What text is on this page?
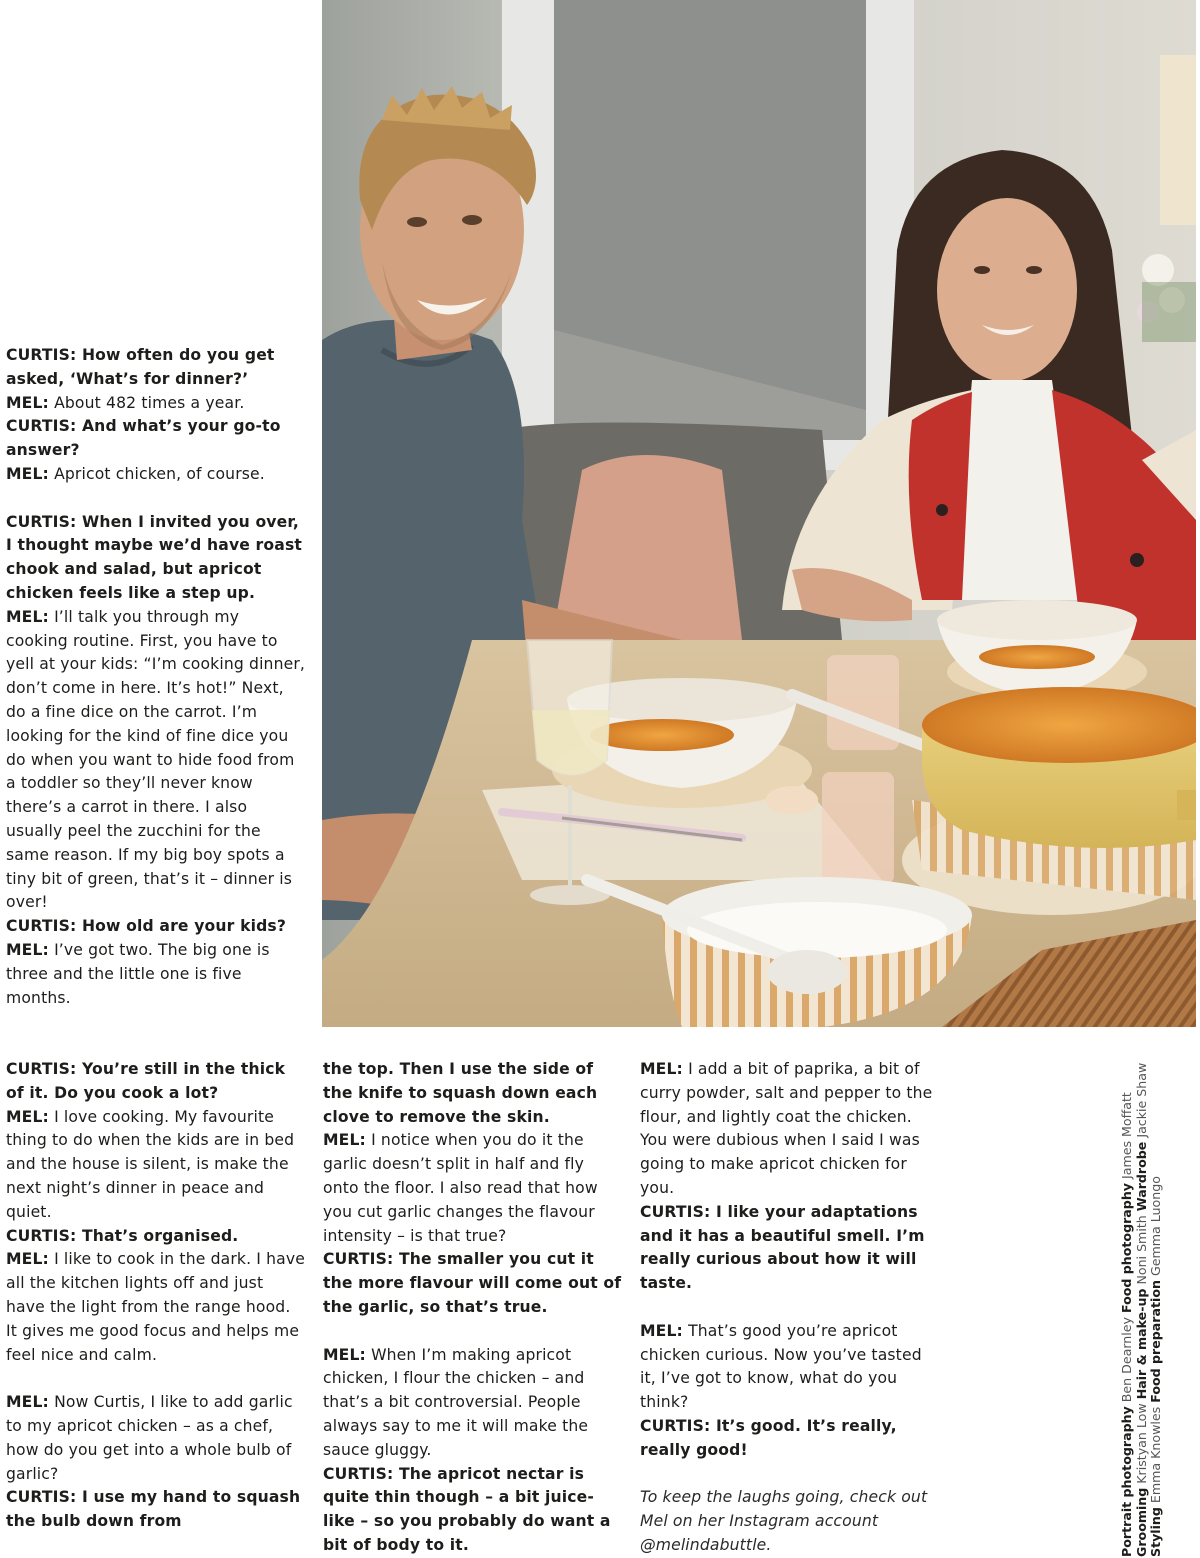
CURTIS: How often do you get asked, ‘What’s for dinner?’

MEL: About 482 times a year.

CURTIS: And what’s your go-to answer?

MEL: Apricot chicken, of course.

CURTIS: When I invited you over, I thought maybe we’d have roast chook and salad, but apricot chicken feels like a step up.

MEL: I’ll talk you through my cooking routine. First, you have to yell at your kids: “I’m cooking dinner, don’t come in here. It’s hot!” Next, do a fine dice on the carrot. I’m looking for the kind of fine dice you do when you want to hide food from a toddler so they’ll never know there’s a carrot in there. I also usually peel the zucchini for the same reason. If my big boy spots a tiny bit of green, that’s it – dinner is over!

CURTIS: How old are your kids?

MEL: I’ve got two. The big one is three and the little one is five months.

CURTIS: You’re still in the thick of it. Do you cook a lot?

MEL: I love cooking. My favourite thing to do when the kids are in bed and the house is silent, is make the next night’s dinner in peace and quiet.

CURTIS: That’s organised.

MEL: I like to cook in the dark. I have all the kitchen lights off and just have the light from the range hood. It gives me good focus and helps me feel nice and calm.

MEL: Now Curtis, I like to add garlic to my apricot chicken – as a chef, how do you get into a whole bulb of garlic?

CURTIS: I use my hand to squash the bulb down from

the top. Then I use the side of the knife to squash down each clove to remove the skin.

MEL: I notice when you do it the garlic doesn’t split in half and fly onto the floor. I also read that how you cut garlic changes the flavour intensity – is that true?

CURTIS: The smaller you cut it the more flavour will come out of the garlic, so that’s true.

MEL: When I’m making apricot chicken, I flour the chicken – and that’s a bit controversial. People always say to me it will make the sauce gluggy.

CURTIS: The apricot nectar is quite thin though – a bit juice-like – so you probably do want a bit of body to it.

MEL: I add a bit of paprika, a bit of curry powder, salt and pepper to the flour, and lightly coat the chicken. You were dubious when I said I was going to make apricot chicken for you.

CURTIS: I like your adaptations and it has a beautiful smell. I’m really curious about how it will taste.

MEL: That’s good you’re apricot chicken curious. Now you’ve tasted it, I’ve got to know, what do you think?

CURTIS: It’s good. It’s really, really good!

To keep the laughs going, check out Mel on her Instagram account @melindabuttle.	Portrait photography Ben Dearnley Food photography James Moffatt
Grooming Kristyan Low Hair & make-up Noni Smith Wardrobe Jackie Shaw
Styling Emma Knowles Food preparation Gemma Luongo
